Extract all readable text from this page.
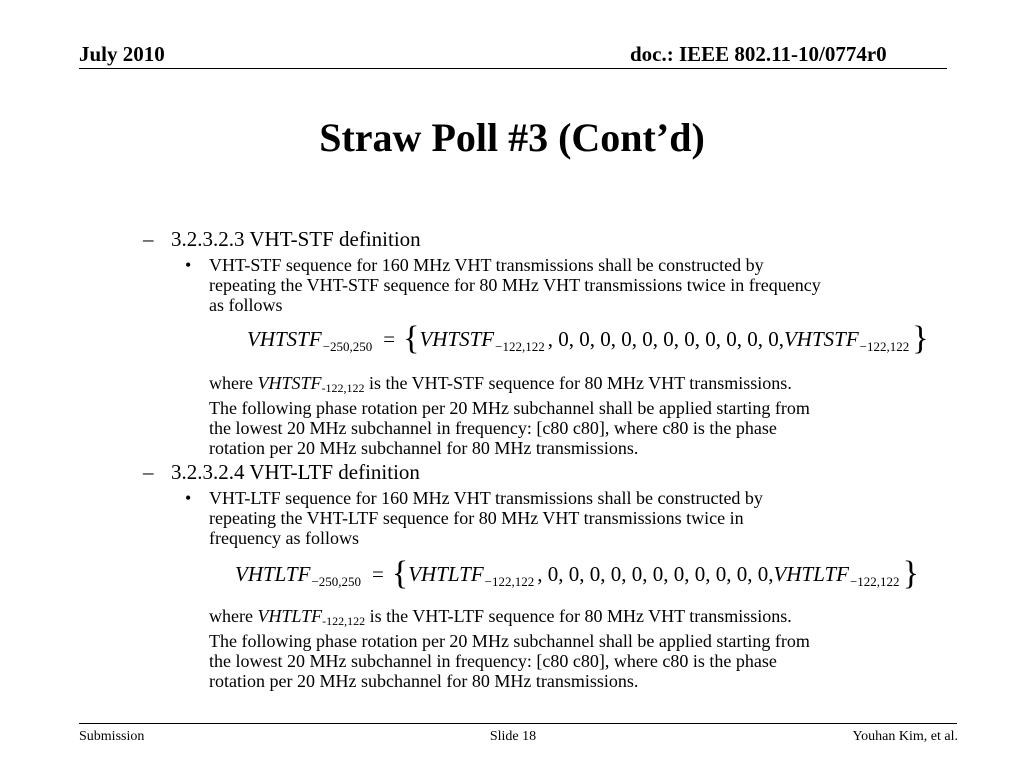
July 2010	doc.: IEEE 802.11-10/0774r0
Straw Poll #3 (Cont’d)
– 3.2.3.2.3 VHT-STF definition
• VHT-STF sequence for 160 MHz VHT transmissions shall be constructed by
repeating the VHT-STF sequence for 80 MHz VHT transmissions twice in frequency
as follows
$VHTSTF_{-250,250}$ = {$VHTSTF_{-122,122}$ , 0, 0, 0, 0, 0, 0, 0, 0, 0, 0, $0,VHTSTF_{-122,122}$}
where $VHTSTF_{-122,122}$ is the VHT-STF sequence for 80 MHz VHT transmissions.
The following phase rotation per 20 MHz subchannel shall be applied starting from
the lowest 20 MHz subchannel in frequency: [c80 c80], where c80 is the phase
rotation per 20 MHz subchannel for 80 MHz transmissions.
– 3.2.3.2.4 VHT-LTF definition
• VHT-LTF sequence for 160 MHz VHT transmissions shall be constructed by
repeating the VHT-LTF sequence for 80 MHz VHT transmissions twice in
frequency as follows
$VHTLTF_{-250,250}$ = {$VHTLTF_{-122,122}$ , 0, 0, 0, 0, 0, 0, 0, 0, 0, 0, $0,VHTLTF_{-122,122}$}
where $VHTLTF_{-122,122}$ is the VHT-LTF sequence for 80 MHz VHT transmissions.
The following phase rotation per 20 MHz subchannel shall be applied starting from
the lowest 20 MHz subchannel in frequency: [c80 c80], where c80 is the phase
rotation per 20 MHz subchannel for 80 MHz transmissions.
Submission	Slide 18	Youhan Kim, et al.
